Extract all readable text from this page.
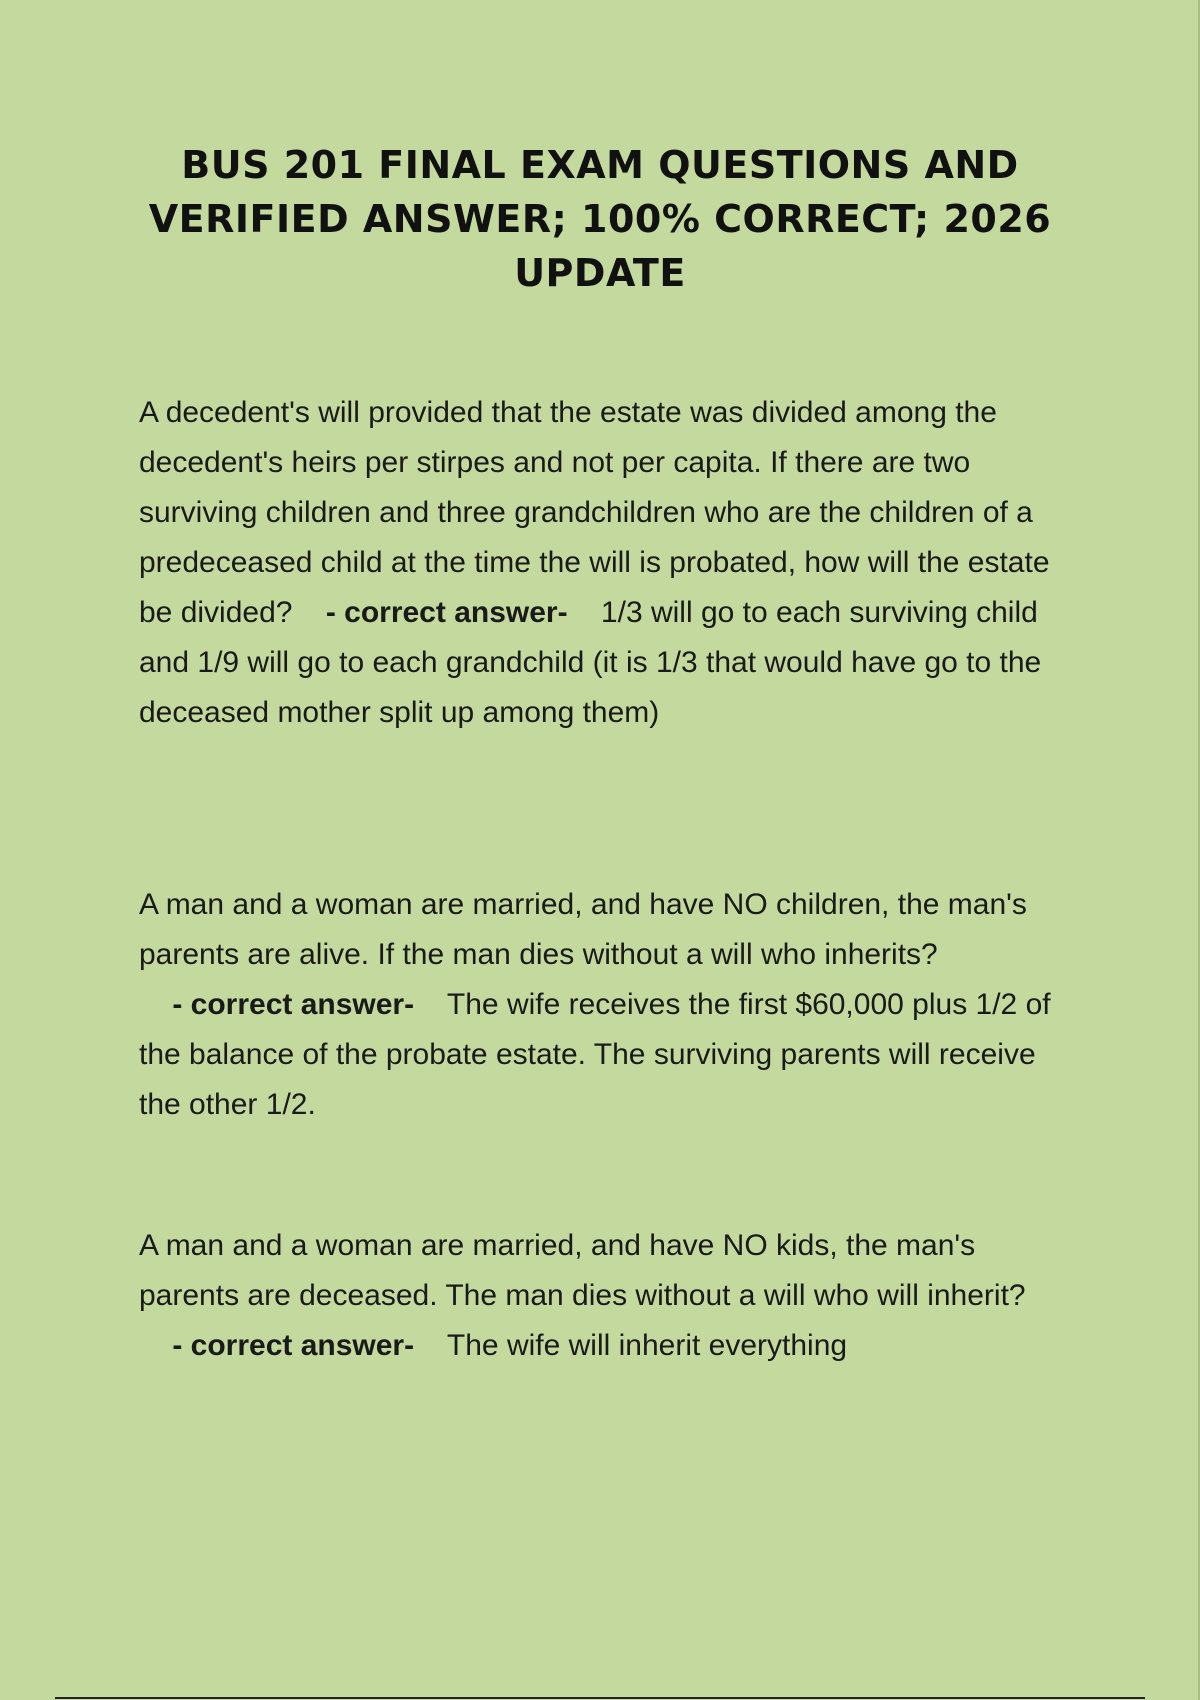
BUS 201 FINAL EXAM QUESTIONS AND VERIFIED ANSWER; 100% CORRECT; 2026 UPDATE

A decedent's will provided that the estate was divided among the decedent's heirs per stirpes and not per capita. If there are two surviving children and three grandchildren who are the children of a predeceased child at the time the will is probated, how will the estate be divided? - correct answer- 1/3 will go to each surviving child and 1/9 will go to each grandchild (it is 1/3 that would have go to the deceased mother split up among them)

A man and a woman are married, and have NO children, the man's parents are alive. If the man dies without a will who inherits?    - correct answer- The wife receives the first $60,000 plus 1/2 of the balance of the probate estate. The surviving parents will receive the other 1/2.

A man and a woman are married, and have NO kids, the man's parents are deceased. The man dies without a will who will inherit?    - correct answer- The wife will inherit everything
